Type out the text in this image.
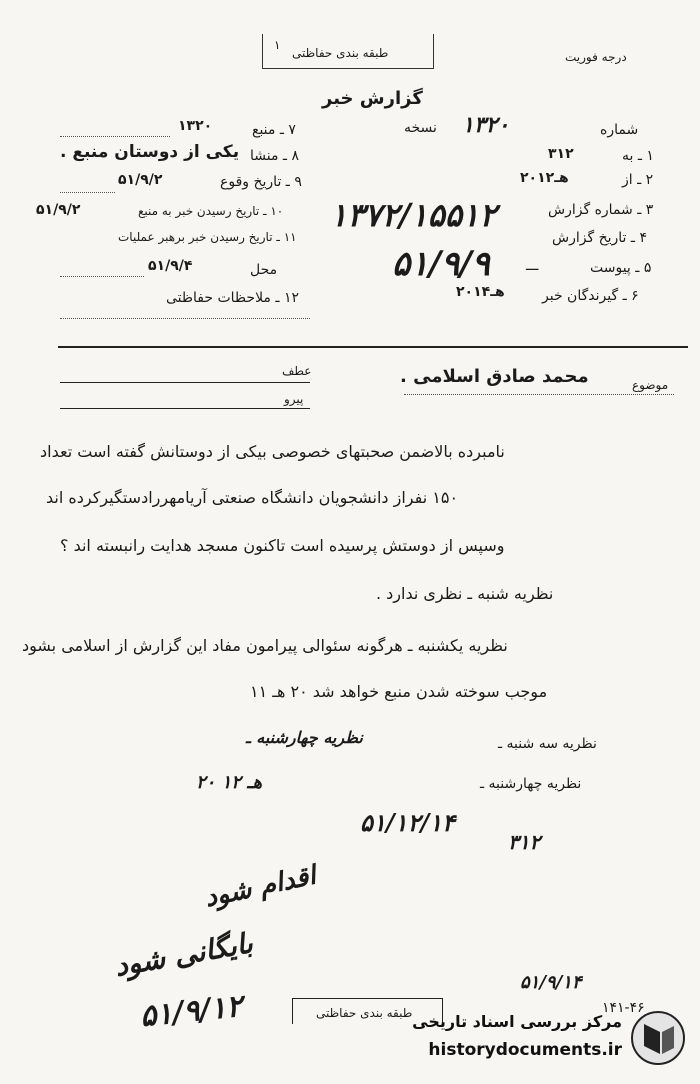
طبقه بندی حفاظتی	درجه فوریت
۱
گزارش خبر
۷ ـ منبع
۱۳۲۰
۸ ـ منشا
یکی از دوستان منبع .
۹ ـ تاریخ وقوع
۵۱/۹/۲
۱۰ ـ تاریخ رسیدن خبر به منبع
۵۱/۹/۲
۱۱ ـ تاریخ رسیدن خبر برهبر عملیات
محل
۵۱/۹/۴
۱۲ ـ ملاحظات حفاظتی
نسخه ۱۳۲۰	شماره
۱ ـ به
۳۱۲
۲ ـ از
۲۰هـ۱۲
۳ ـ شماره گزارش
۴ ـ تاریخ گزارش
۵ ـ پیوست
ـــ
۶ ـ گیرندگان خبر
۲۰هـ۱۴
۱۳۷۲/۱۵۵۱۲
۵۱/۹/۹
موضوع
محمد صادق اسلامی .
عطف
پیرو
نامبرده بالاضمن صحبتهای خصوصی بیکی از دوستانش گفته است تعداد
۱۵۰ نفراز دانشجویان دانشگاه صنعتی آریامهررادستگیرکرده اند
وسپس از دوستش پرسیده است تاکنون مسجد هدایت رانبسته اند ؟
نظریه شنبه ـ نظری ندارد .
نظریه یکشنبه ـ هرگونه سئوالی پیرامون مفاد این گزارش از اسلامی بشود
موجب سوخته شدن منبع خواهد شد ۲۰ هـ ۱۱
نظریه سه شنبه ـ
نظریه چهارشنبه ـ
نظریه چهارشنبه ـ
۲۰ هـ ۱۲
۵۱/۱۲/۱۴
۳۱۲
اقدام شود
بایگانی شود
۵۱/۹/۱۲
۵۱/۹/۱۴
۱۴۱-۴۶
طبقه بندی حفاظتی مرکز بررسی اسناد تاریخی
historydocuments.ir
